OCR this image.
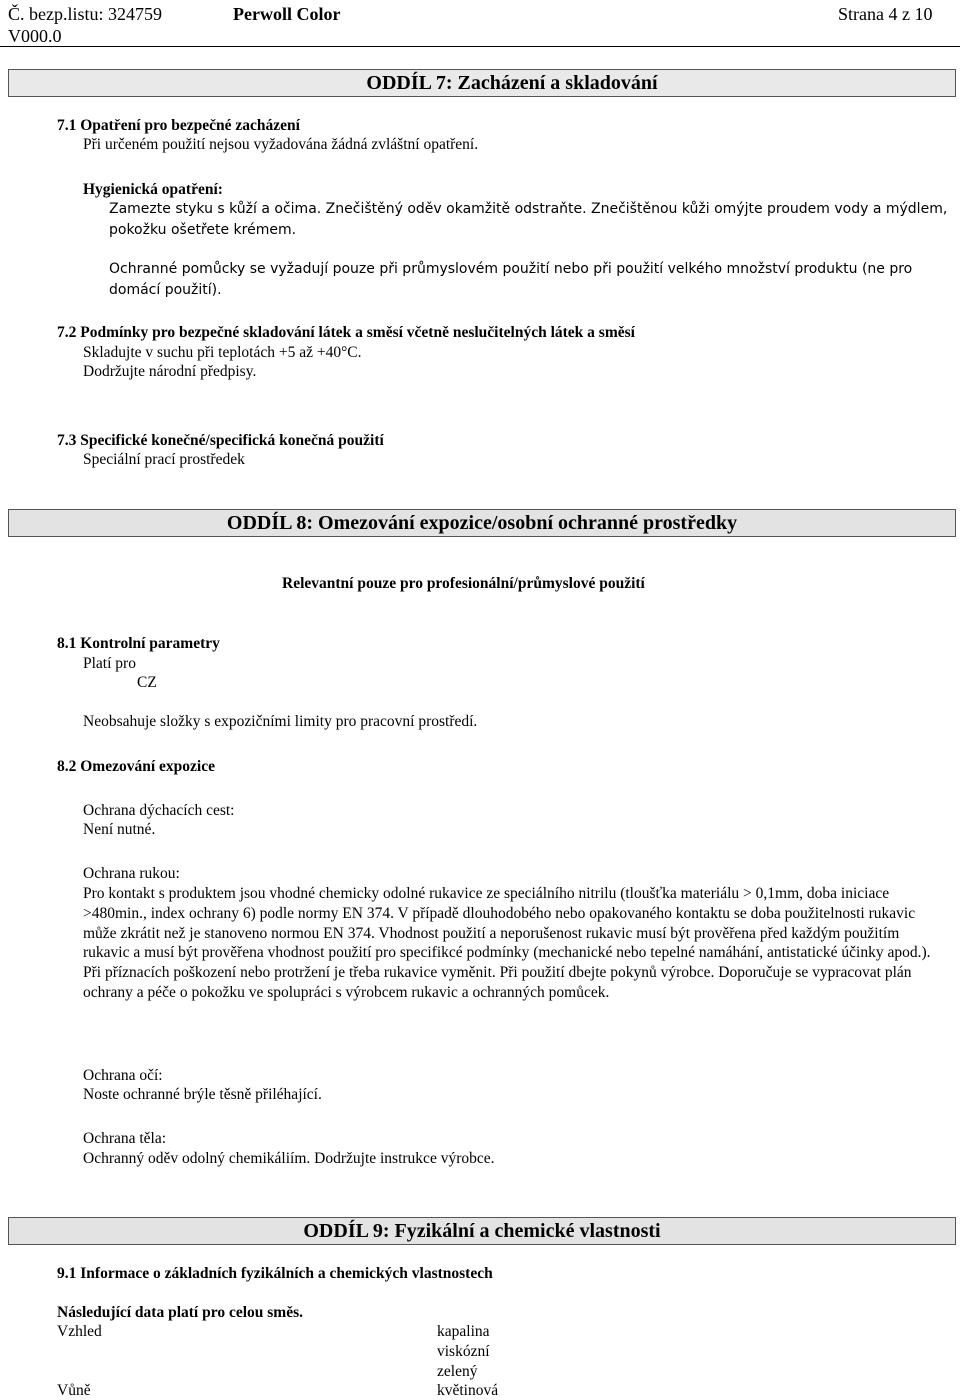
Č. bezp.listu: 324759	Perwoll Color	Strana 4 z 10
V000.0
ODDÍL 7: Zacházení a skladování
7.1 Opatření pro bezpečné zacházení
Při určeném použití nejsou vyžadována žádná zvláštní opatření.
Hygienická opatření:
Zamezte styku s kůží a očima. Znečištěný oděv okamžitě odstraňte. Znečištěnou kůži omýjte proudem vody a mýdlem, pokožku ošetřete krémem.
Ochranné pomůcky se vyžadují pouze při průmyslovém použití nebo při použití velkého množství produktu (ne pro domácí použití).
7.2 Podmínky pro bezpečné skladování látek a směsí včetně neslučitelných látek a směsí
Skladujte v suchu při teplotách +5 až +40°C.
Dodržujte národní předpisy.
7.3 Specifické konečné/specifická konečná použití
Speciální prací prostředek
ODDÍL 8: Omezování expozice/osobní ochranné prostředky
Relevantní pouze pro profesionální/průmyslové použití
8.1 Kontrolní parametry
Platí pro
CZ
Neobsahuje složky s expozičními limity pro pracovní prostředí.
8.2 Omezování expozice
Ochrana dýchacích cest:
Není nutné.
Ochrana rukou:
Pro kontakt s produktem jsou vhodné chemicky odolné rukavice ze speciálního nitrilu (tloušťka materiálu > 0,1mm, doba iniciace >480min., index ochrany 6) podle normy EN 374. V případě dlouhodobého nebo opakovaného kontaktu se doba použitelnosti rukavic může zkrátit než je stanoveno normou EN 374. Vhodnost použití a neporušenost rukavic musí být prověřena před každým použitím rukavic a musí být prověřena vhodnost použití pro specifikcé podmínky (mechanické nebo tepelné namáhání, antistatické účinky apod.). Při příznacích poškození nebo protržení je třeba rukavice vyměnit. Při použití dbejte pokynů výrobce. Doporučuje se vypracovat plán ochrany a péče o pokožku ve spolupráci s výrobcem rukavic a ochranných pomůcek.
Ochrana očí:
Noste ochranné brýle těsně přiléhající.
Ochrana těla:
Ochranný oděv odolný chemikáliím. Dodržujte instrukce výrobce.
ODDÍL 9: Fyzikální a chemické vlastnosti
9.1 Informace o základních fyzikálních a chemických vlastnostech
Následující data platí pro celou směs.
Vzhled	kapalina
viskózní
zelený
Vůně	květinová
